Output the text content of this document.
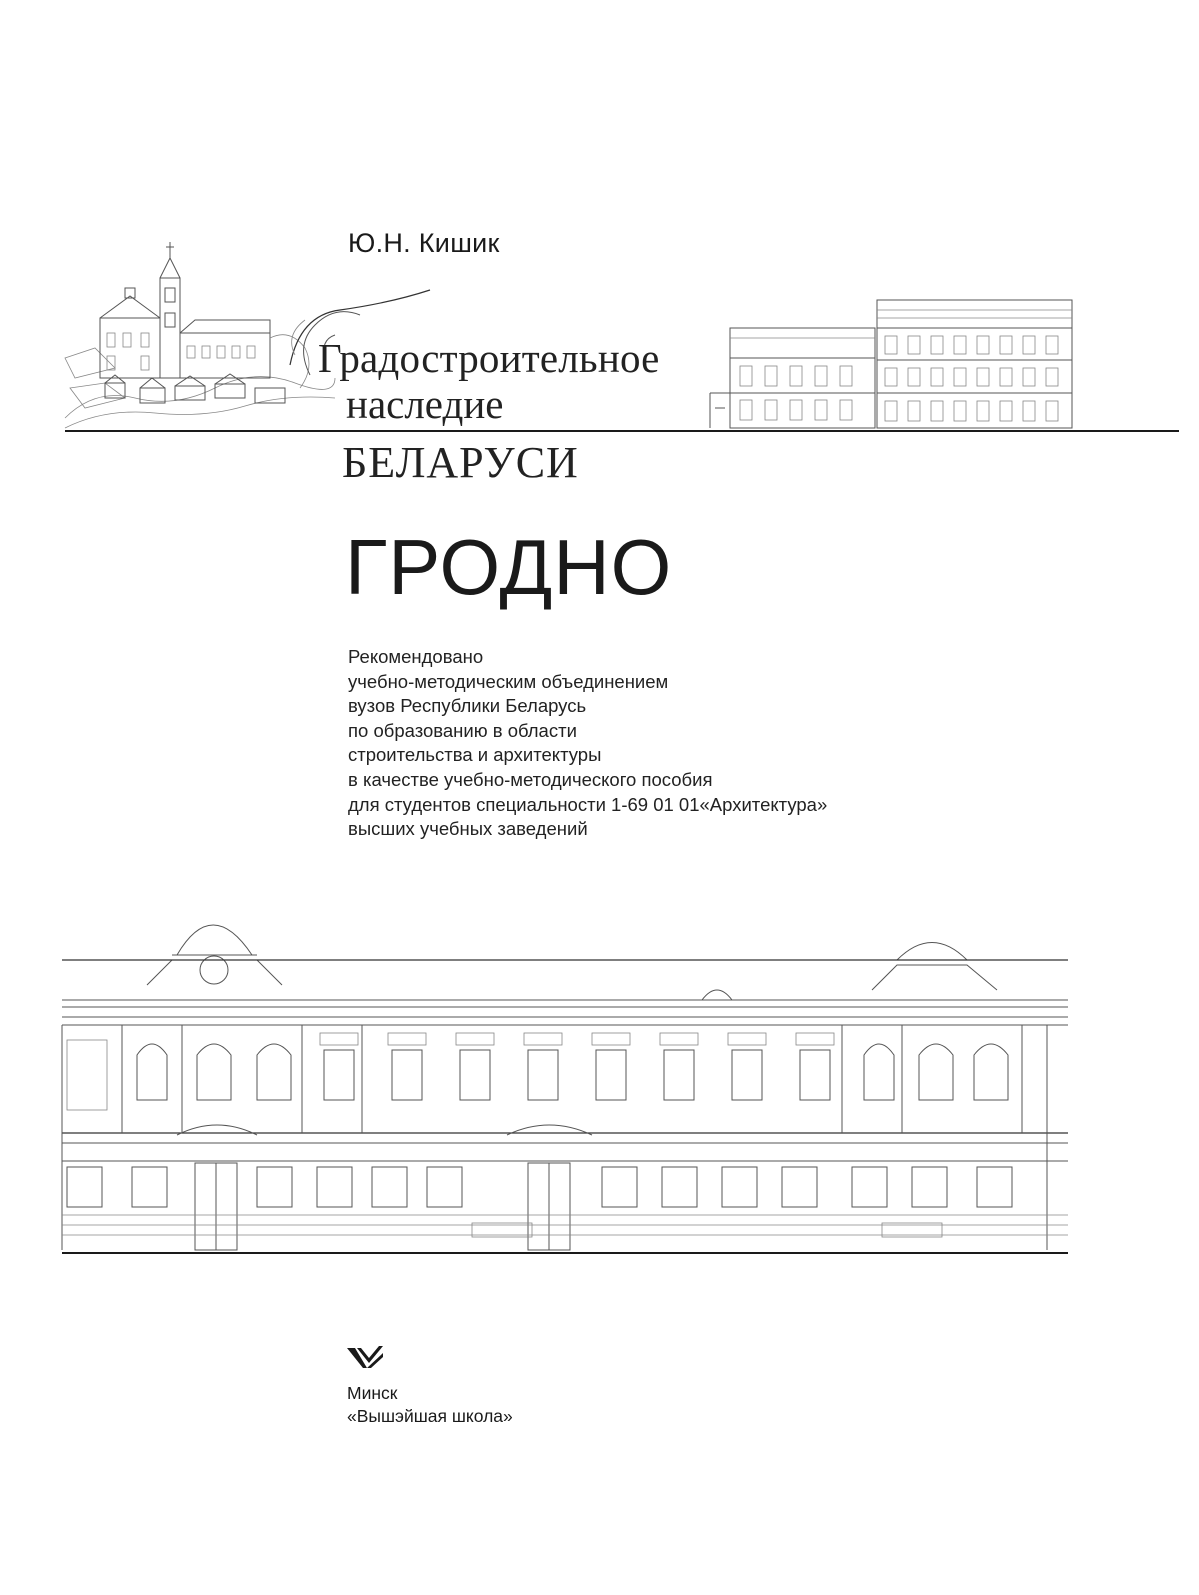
Ю.Н. Кишик
Градостроительное
наследие
БЕЛАРУСИ
ГРОДНО
Рекомендовано
учебно-методическим объединением
вузов Республики Беларусь
по образованию в области
строительства и архитектуры
в качестве учебно-методического пособия
для студентов специальности 1-69 01 01«Архитектура»
высших учебных заведений
Минск
«Вышэйшая школа»
